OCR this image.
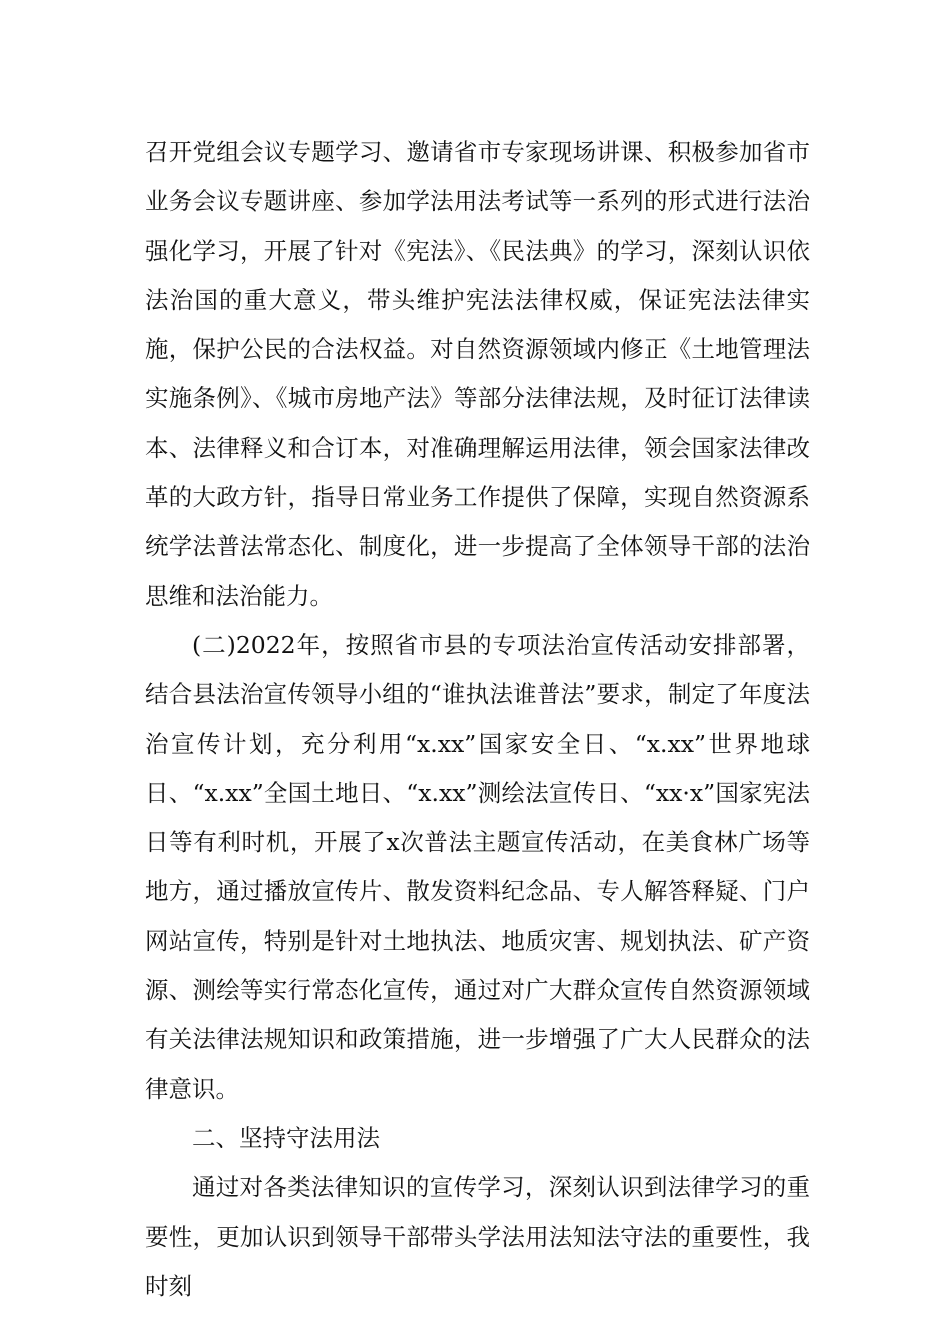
召开党组会议专题学习、邀请省市专家现场讲课、积极参加省市业务会议专题讲座、参加学法用法考试等一系列的形式进行法治强化学习，开展了针对《宪法》、《民法典》的学习，深刻认识依法治国的重大意义，带头维护宪法法律权威，保证宪法法律实施，保护公民的合法权益。对自然资源领域内修正《土地管理法实施条例》、《城市房地产法》等部分法律法规，及时征订法律读本、法律释义和合订本，对准确理解运用法律，领会国家法律改革的大政方针，指导日常业务工作提供了保障，实现自然资源系统学法普法常态化、制度化，进一步提高了全体领导干部的法治思维和法治能力。

(二)2022年，按照省市县的专项法治宣传活动安排部署，结合县法治宣传领导小组的“谁执法谁普法”要求，制定了年度法治宣传计划，充分利用“x.xx”国家安全日、“x.xx”世界地球日、“x.xx”全国土地日、“x.xx”测绘法宣传日、“xx·x”国家宪法日等有利时机，开展了x次普法主题宣传活动，在美食林广场等地方，通过播放宣传片、散发资料纪念品、专人解答释疑、门户网站宣传，特别是针对土地执法、地质灾害、规划执法、矿产资源、测绘等实行常态化宣传，通过对广大群众宣传自然资源领域有关法律法规知识和政策措施，进一步增强了广大人民群众的法律意识。

二、坚持守法用法

通过对各类法律知识的宣传学习，深刻认识到法律学习的重要性，更加认识到领导干部带头学法用法知法守法的重要性，我时刻
